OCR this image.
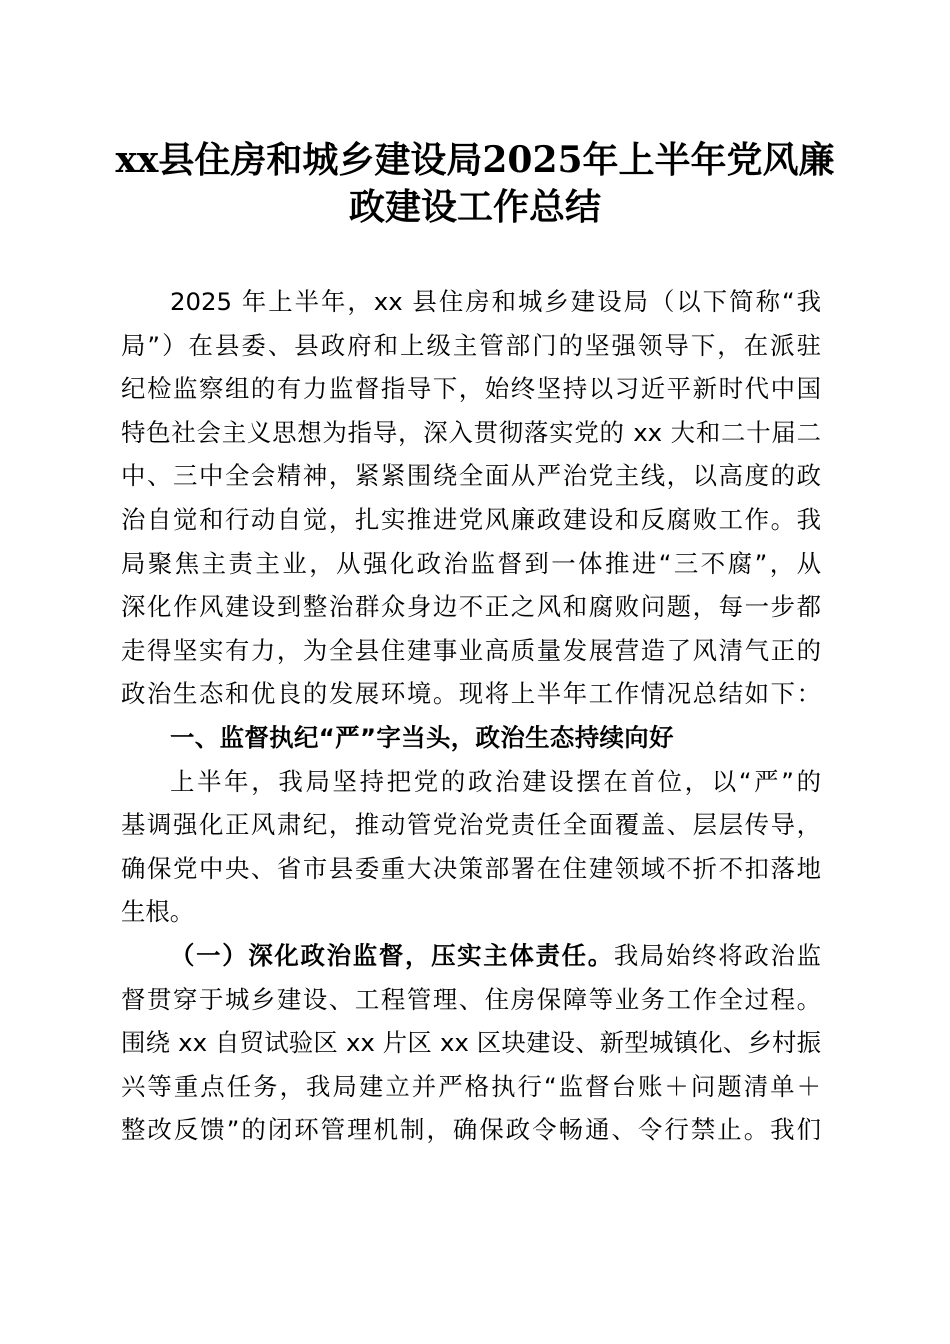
xx县住房和城乡建设局2025年上半年党风廉
政建设工作总结
2025 年上半年，xx 县住房和城乡建设局（以下简称“我
局”）在县委、县政府和上级主管部门的坚强领导下，在派驻
纪检监察组的有力监督指导下，始终坚持以习近平新时代中国
特色社会主义思想为指导，深入贯彻落实党的 xx 大和二十届二
中、三中全会精神，紧紧围绕全面从严治党主线，以高度的政
治自觉和行动自觉，扎实推进党风廉政建设和反腐败工作。我
局聚焦主责主业，从强化政治监督到一体推进“三不腐”，从
深化作风建设到整治群众身边不正之风和腐败问题，每一步都
走得坚实有力，为全县住建事业高质量发展营造了风清气正的
政治生态和优良的发展环境。现将上半年工作情况总结如下：
一、监督执纪“严”字当头，政治生态持续向好
上半年，我局坚持把党的政治建设摆在首位，以“严”的
基调强化正风肃纪，推动管党治党责任全面覆盖、层层传导，
确保党中央、省市县委重大决策部署在住建领域不折不扣落地
生根。
（一）深化政治监督，压实主体责任。我局始终将政治监
督贯穿于城乡建设、工程管理、住房保障等业务工作全过程。
围绕 xx 自贸试验区 xx 片区 xx 区块建设、新型城镇化、乡村振
兴等重点任务，我局建立并严格执行“监督台账＋问题清单＋
整改反馈”的闭环管理机制，确保政令畅通、令行禁止。我们
